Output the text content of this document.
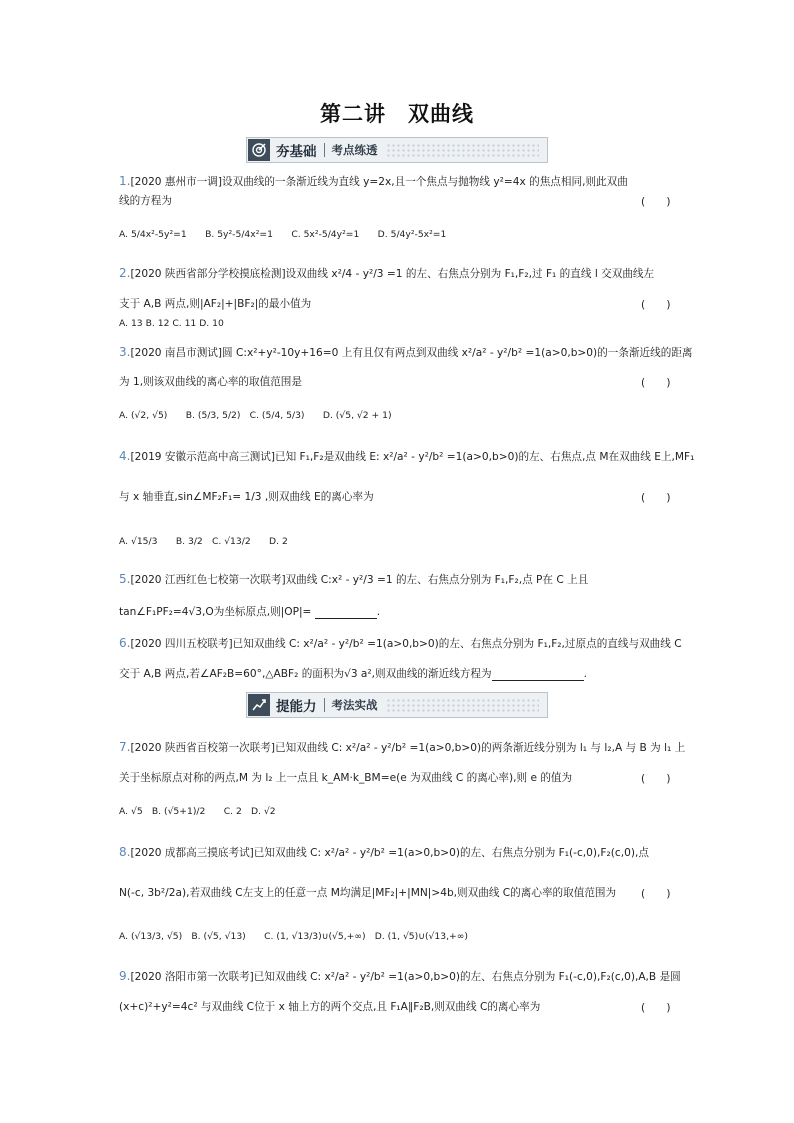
第二讲　双曲线
夯基础 考点练透
1.[2020 惠州市一调]设双曲线的一条渐近线为直线 y=2x,且一个焦点与抛物线 y²=4x 的焦点相同,则此双曲
线的方程为	(　　)
A. 5/4x²-5y²=1　　B. 5y²-5/4x²=1　　C. 5x²-5/4y²=1　　D. 5/4y²-5x²=1
2.[2020 陕西省部分学校摸底检测]设双曲线 x²/4 - y²/3 =1 的左、右焦点分别为 F₁,F₂,过 F₁ 的直线 l 交双曲线左
支于 A,B 两点,则|AF₂|+|BF₂|的最小值为	(　　)
A. 13 B. 12 C. 11 D. 10
3.[2020 南昌市测试]圆 C:x²+y²-10y+16=0 上有且仅有两点到双曲线 x²/a² - y²/b² =1(a>0,b>0)的一条渐近线的距离
为 1,则该双曲线的离心率的取值范围是	(　　)
A. (√2, √5)　　B. (5/3, 5/2)　C. (5/4, 5/3)　　D. (√5, √2 + 1)
4.[2019 安徽示范高中高三测试]已知 F₁,F₂是双曲线 E: x²/a² - y²/b² =1(a>0,b>0)的左、右焦点,点 M在双曲线 E上,MF₁
与 x 轴垂直,sin∠MF₂F₁= 1/3 ,则双曲线 E的离心率为	(　　)
A. √15/3　　B. 3/2　C. √13/2　　D. 2
5.[2020 江西红色七校第一次联考]双曲线 C:x² - y²/3 =1 的左、右焦点分别为 F₁,F₂,点 P在 C 上且
tan∠F₁PF₂=4√3,O为坐标原点,则|OP|=	.
6.[2020 四川五校联考]已知双曲线 C: x²/a² - y²/b² =1(a>0,b>0)的左、右焦点分别为 F₁,F₂,过原点的直线与双曲线 C
交于 A,B 两点,若∠AF₂B=60°,△ABF₂ 的面积为√3 a²,则双曲线的渐近线方程为	.
提能力 考法实战
7.[2020 陕西省百校第一次联考]已知双曲线 C: x²/a² - y²/b² =1(a>0,b>0)的两条渐近线分别为 l₁ 与 l₂,A 与 B 为 l₁ 上
关于坐标原点对称的两点,M 为 l₂ 上一点且 k_AM·k_BM=e(e 为双曲线 C 的离心率),则 e 的值为	(　　)
A. √5　B. (√5+1)/2　　C. 2　D. √2
8.[2020 成都高三摸底考试]已知双曲线 C: x²/a² - y²/b² =1(a>0,b>0)的左、右焦点分别为 F₁(-c,0),F₂(c,0),点
N(-c, 3b²/2a),若双曲线 C左支上的任意一点 M均满足|MF₂|+|MN|>4b,则双曲线 C的离心率的取值范围为 (　　)
A. (√13/3, √5)　B. (√5, √13)　　C. (1, √13/3)∪(√5,+∞)　D. (1, √5)∪(√13,+∞)
9.[2020 洛阳市第一次联考]已知双曲线 C: x²/a² - y²/b² =1(a>0,b>0)的左、右焦点分别为 F₁(-c,0),F₂(c,0),A,B 是圆
(x+c)²+y²=4c² 与双曲线 C位于 x 轴上方的两个交点,且 F₁A∥F₂B,则双曲线 C的离心率为	(　　)
